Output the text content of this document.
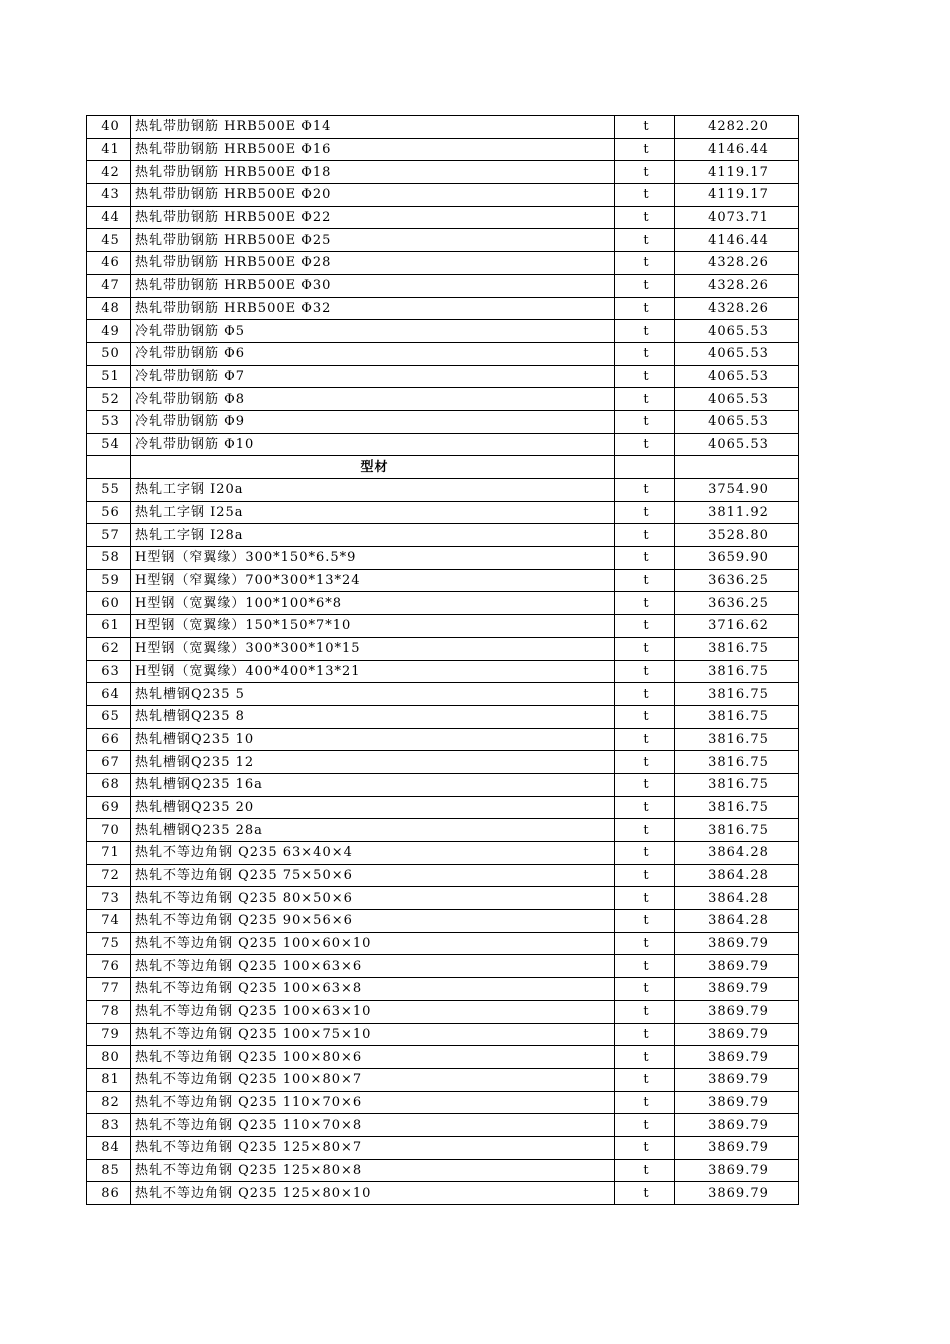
40	热轧带肋钢筋 HRB500E Φ14	t	4282.20
41	热轧带肋钢筋 HRB500E Φ16	t	4146.44
42	热轧带肋钢筋 HRB500E Φ18	t	4119.17
43	热轧带肋钢筋 HRB500E Φ20	t	4119.17
44	热轧带肋钢筋 HRB500E Φ22	t	4073.71
45	热轧带肋钢筋 HRB500E Φ25	t	4146.44
46	热轧带肋钢筋 HRB500E Φ28	t	4328.26
47	热轧带肋钢筋 HRB500E Φ30	t	4328.26
48	热轧带肋钢筋 HRB500E Φ32	t	4328.26
49	冷轧带肋钢筋 Φ5	t	4065.53
50	冷轧带肋钢筋 Φ6	t	4065.53
51	冷轧带肋钢筋 Φ7	t	4065.53
52	冷轧带肋钢筋 Φ8	t	4065.53
53	冷轧带肋钢筋 Φ9	t	4065.53
54	冷轧带肋钢筋 Φ10	t	4065.53
	型材		
55	热轧工字钢 I20a	t	3754.90
56	热轧工字钢 I25a	t	3811.92
57	热轧工字钢 I28a	t	3528.80
58	H型钢（窄翼缘）300*150*6.5*9	t	3659.90
59	H型钢（窄翼缘）700*300*13*24	t	3636.25
60	H型钢（宽翼缘）100*100*6*8	t	3636.25
61	H型钢（宽翼缘）150*150*7*10	t	3716.62
62	H型钢（宽翼缘）300*300*10*15	t	3816.75
63	H型钢（宽翼缘）400*400*13*21	t	3816.75
64	热轧槽钢Q235 5	t	3816.75
65	热轧槽钢Q235 8	t	3816.75
66	热轧槽钢Q235 10	t	3816.75
67	热轧槽钢Q235 12	t	3816.75
68	热轧槽钢Q235 16a	t	3816.75
69	热轧槽钢Q235 20	t	3816.75
70	热轧槽钢Q235 28a	t	3816.75
71	热轧不等边角钢 Q235 63×40×4	t	3864.28
72	热轧不等边角钢 Q235 75×50×6	t	3864.28
73	热轧不等边角钢 Q235 80×50×6	t	3864.28
74	热轧不等边角钢 Q235 90×56×6	t	3864.28
75	热轧不等边角钢 Q235 100×60×10	t	3869.79
76	热轧不等边角钢 Q235 100×63×6	t	3869.79
77	热轧不等边角钢 Q235 100×63×8	t	3869.79
78	热轧不等边角钢 Q235 100×63×10	t	3869.79
79	热轧不等边角钢 Q235 100×75×10	t	3869.79
80	热轧不等边角钢 Q235 100×80×6	t	3869.79
81	热轧不等边角钢 Q235 100×80×7	t	3869.79
82	热轧不等边角钢 Q235 110×70×6	t	3869.79
83	热轧不等边角钢 Q235 110×70×8	t	3869.79
84	热轧不等边角钢 Q235 125×80×7	t	3869.79
85	热轧不等边角钢 Q235 125×80×8	t	3869.79
86	热轧不等边角钢 Q235 125×80×10	t	3869.79
